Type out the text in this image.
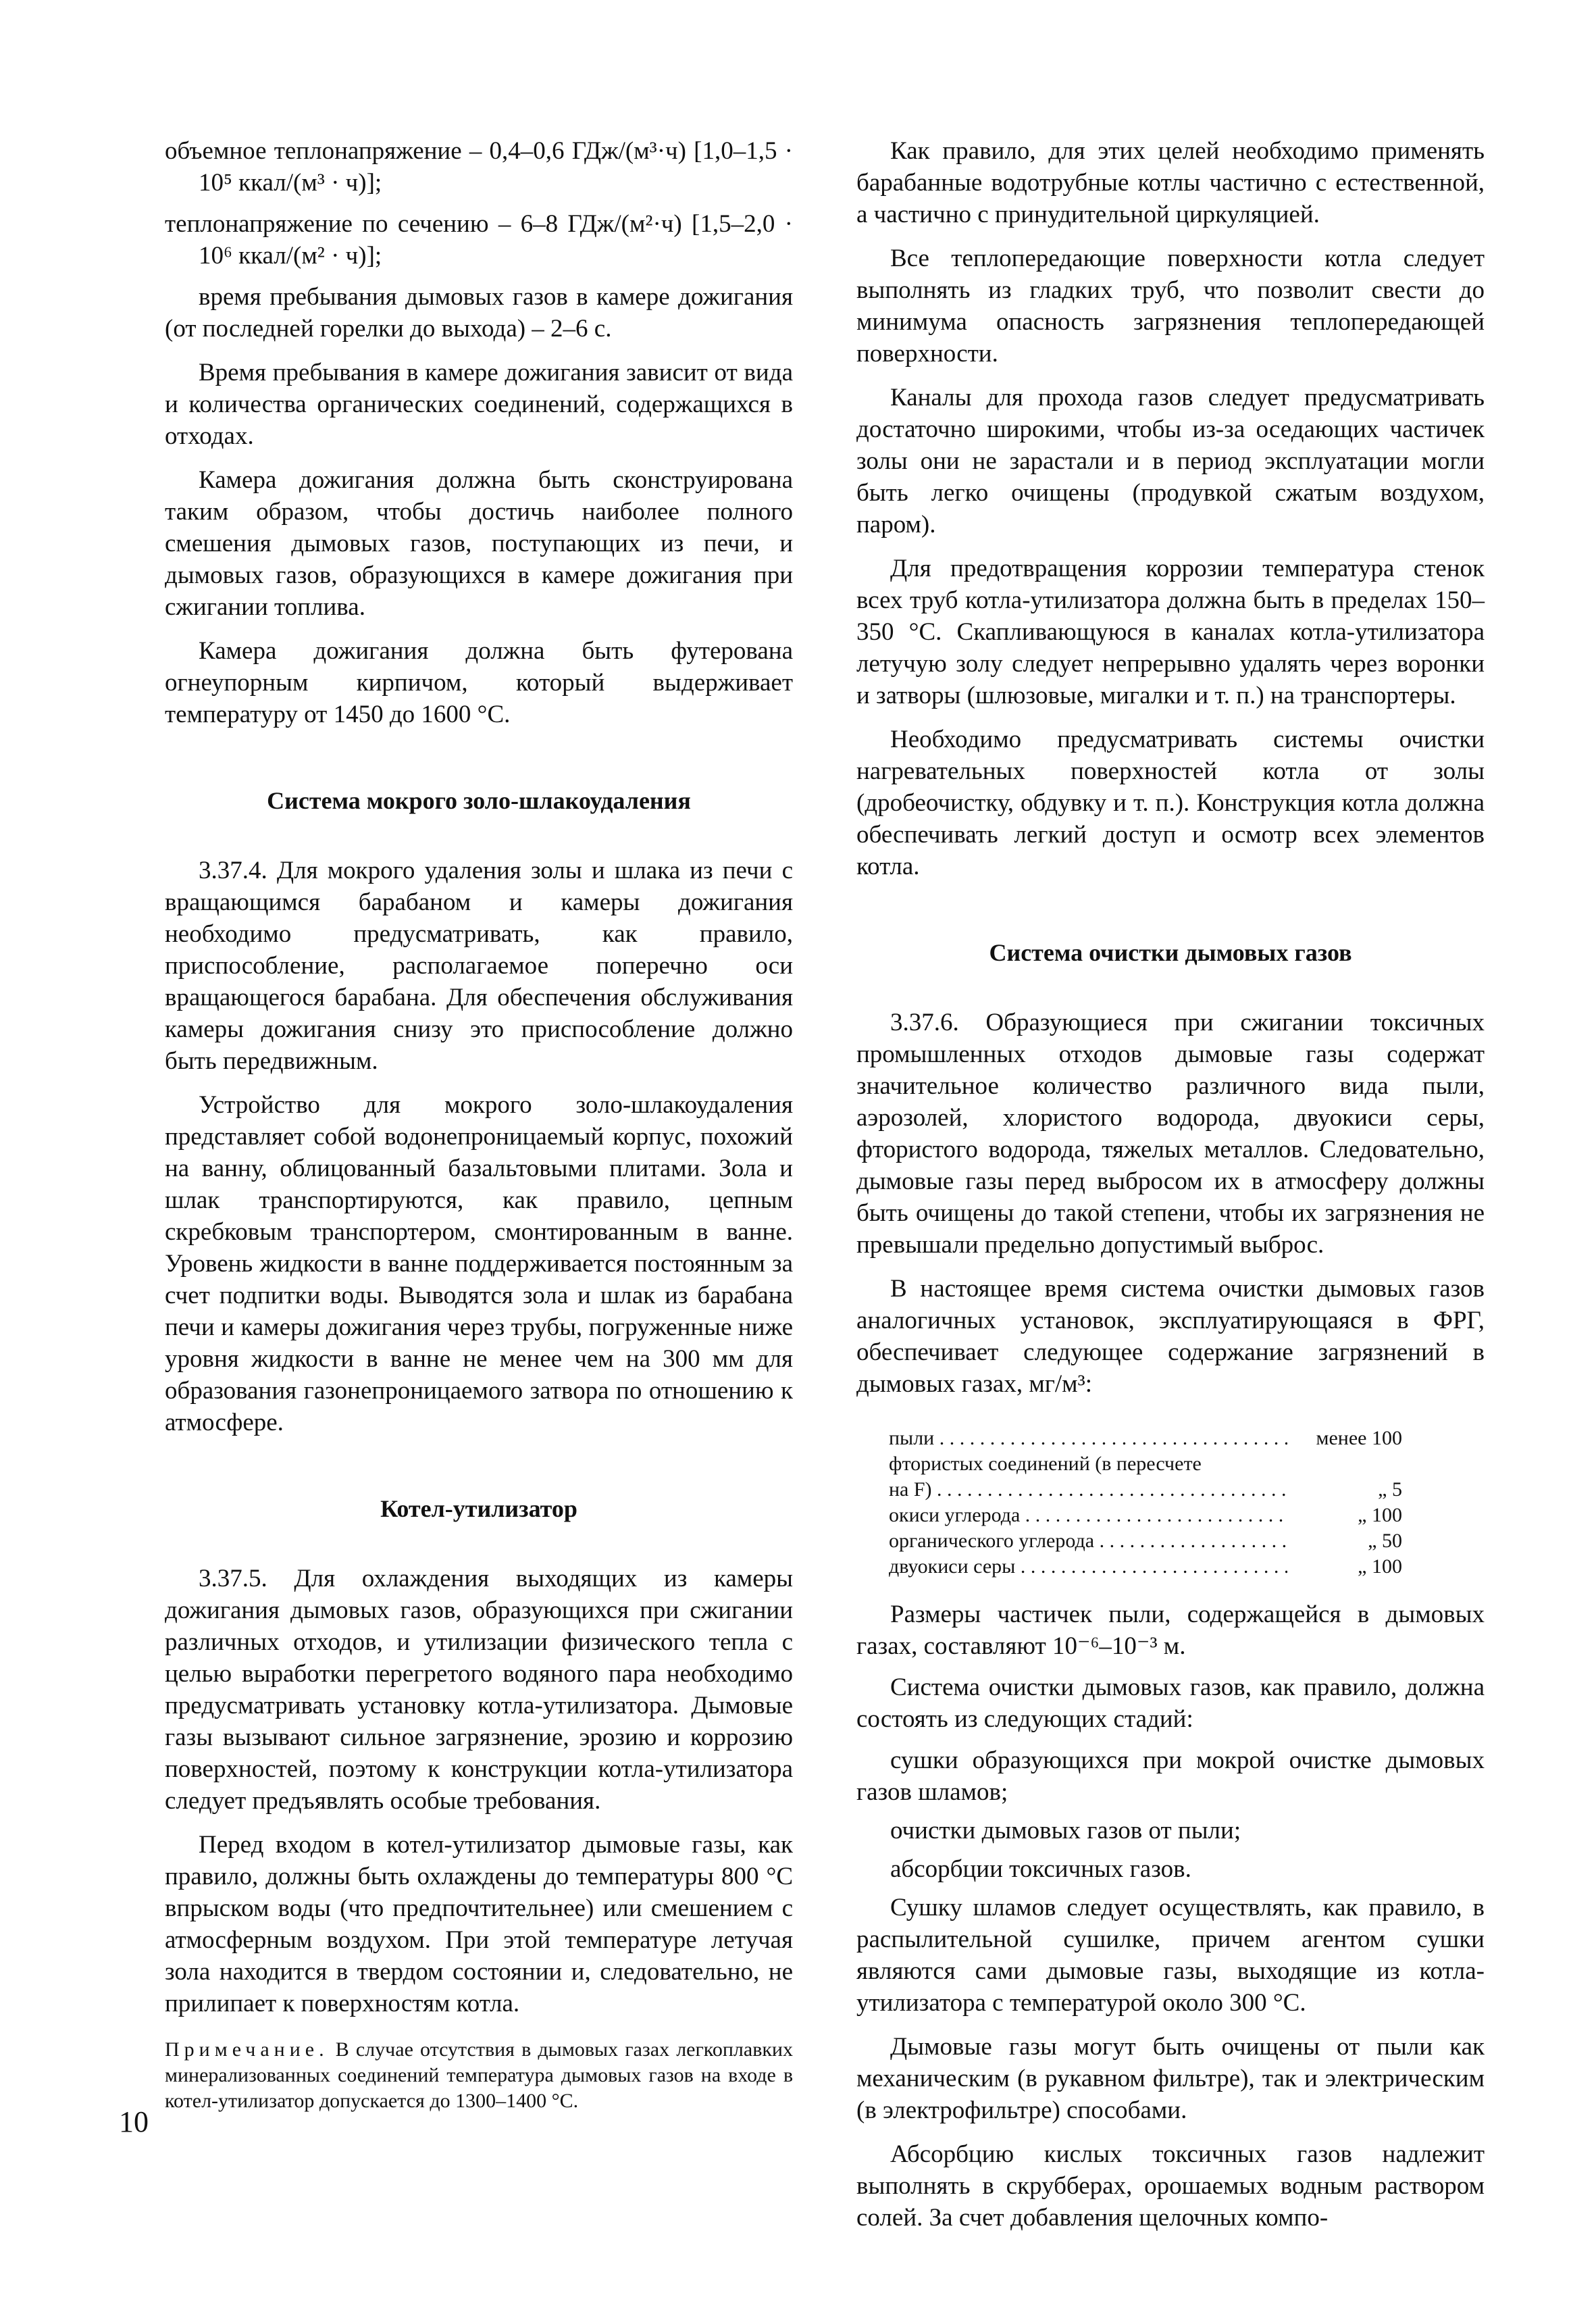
объемное теплонапряжение – 0,4–0,6 ГДж/(м³·ч) [1,0–1,5 · 10⁵ ккал/(м³ · ч)];

теплонапряжение по сечению – 6–8 ГДж/(м²·ч) [1,5–2,0 · 10⁶ ккал/(м² · ч)];

время пребывания дымовых газов в камере дожигания (от последней горелки до выхода) – 2–6 с.

Время пребывания в камере дожигания зависит от вида и количества органических соединений, содержащихся в отходах.

Камера дожигания должна быть сконструирована таким образом, чтобы достичь наиболее полного смешения дымовых газов, поступающих из печи, и дымовых газов, образующихся в камере дожигания при сжигании топлива.

Камера дожигания должна быть футерована огнеупорным кирпичом, который выдерживает температуру от 1450 до 1600 °С.

Система мокрого золо-шлакоудаления

3.37.4. Для мокрого удаления золы и шлака из печи с вращающимся барабаном и камеры дожигания необходимо предусматривать, как правило, приспособление, располагаемое поперечно оси вращающегося барабана. Для обеспечения обслуживания камеры дожигания снизу это приспособление должно быть передвижным.

Устройство для мокрого золо-шлакоудаления представляет собой водонепроницаемый корпус, похожий на ванну, облицованный базальтовыми плитами. Зола и шлак транспортируются, как правило, цепным скребковым транспортером, смонтированным в ванне. Уровень жидкости в ванне поддерживается постоянным за счет подпитки воды. Выводятся зола и шлак из барабана печи и камеры дожигания через трубы, погруженные ниже уровня жидкости в ванне не менее чем на 300 мм для образования газонепроницаемого затвора по отношению к атмосфере.

Котел-утилизатор

3.37.5. Для охлаждения выходящих из камеры дожигания дымовых газов, образующихся при сжигании различных отходов, и утилизации физического тепла с целью выработки перегретого водяного пара необходимо предусматривать установку котла-утилизатора. Дымовые газы вызывают сильное загрязнение, эрозию и коррозию поверхностей, поэтому к конструкции котла-утилизатора следует предъявлять особые требования.

Перед входом в котел-утилизатор дымовые газы, как правило, должны быть охлаждены до температуры 800 °С впрыском воды (что предпочтительнее) или смешением с атмосферным воздухом. При этой температуре летучая зола находится в твердом состоянии и, следовательно, не прилипает к поверхностям котла.

Примечание. В случае отсутствия в дымовых газах легкоплавких минерализованных соединений температура дымовых газов на входе в котел-утилизатор допускается до 1300–1400 °С.

Как правило, для этих целей необходимо применять барабанные водотрубные котлы частично с естественной, а частично с принудительной циркуляцией.

Все теплопередающие поверхности котла следует выполнять из гладких труб, что позволит свести до минимума опасность загрязнения теплопередающей поверхности.

Каналы для прохода газов следует предусматривать достаточно широкими, чтобы из-за оседающих частичек золы они не зарастали и в период эксплуатации могли быть легко очищены (продувкой сжатым воздухом, паром).

Для предотвращения коррозии температура стенок всех труб котла-утилизатора должна быть в пределах 150–350 °С. Скапливающуюся в каналах котла-утилизатора летучую золу следует непрерывно удалять через воронки и затворы (шлюзовые, мигалки и т. п.) на транспортеры.

Необходимо предусматривать системы очистки нагревательных поверхностей котла от золы (дробеочистку, обдувку и т. п.). Конструкция котла должна обеспечивать легкий доступ и осмотр всех элементов котла.

Система очистки дымовых газов

3.37.6. Образующиеся при сжигании токсичных промышленных отходов дымовые газы содержат значительное количество различного вида пыли, аэрозолей, хлористого водорода, двуокиси серы, фтористого водорода, тяжелых металлов. Следовательно, дымовые газы перед выбросом их в атмосферу должны быть очищены до такой степени, чтобы их загрязнения не превышали предельно допустимый выброс.

В настоящее время система очистки дымовых газов аналогичных установок, эксплуатирующаяся в ФРГ, обеспечивает следующее содержание загрязнений в дымовых газах, мг/м³:

пыли . . .	менее 100
фтористых соединений (в пересчете
на F) . . .	„ 5
окиси углерода . . .	„ 100
органического углерода . . .	„ 50
двуокиси серы . . .	„ 100

Размеры частичек пыли, содержащейся в дымовых газах, составляют 10⁻⁶–10⁻³ м.

Система очистки дымовых газов, как правило, должна состоять из следующих стадий:

сушки образующихся при мокрой очистке дымовых газов шламов;

очистки дымовых газов от пыли;

абсорбции токсичных газов.

Сушку шламов следует осуществлять, как правило, в распылительной сушилке, причем агентом сушки являются сами дымовые газы, выходящие из котла-утилизатора с температурой около 300 °С.

Дымовые газы могут быть очищены от пыли как механическим (в рукавном фильтре), так и электрическим (в электрофильтре) способами.

Абсорбцию кислых токсичных газов надлежит выполнять в скрубберах, орошаемых водным раствором солей. За счет добавления щелочных компо-

10
